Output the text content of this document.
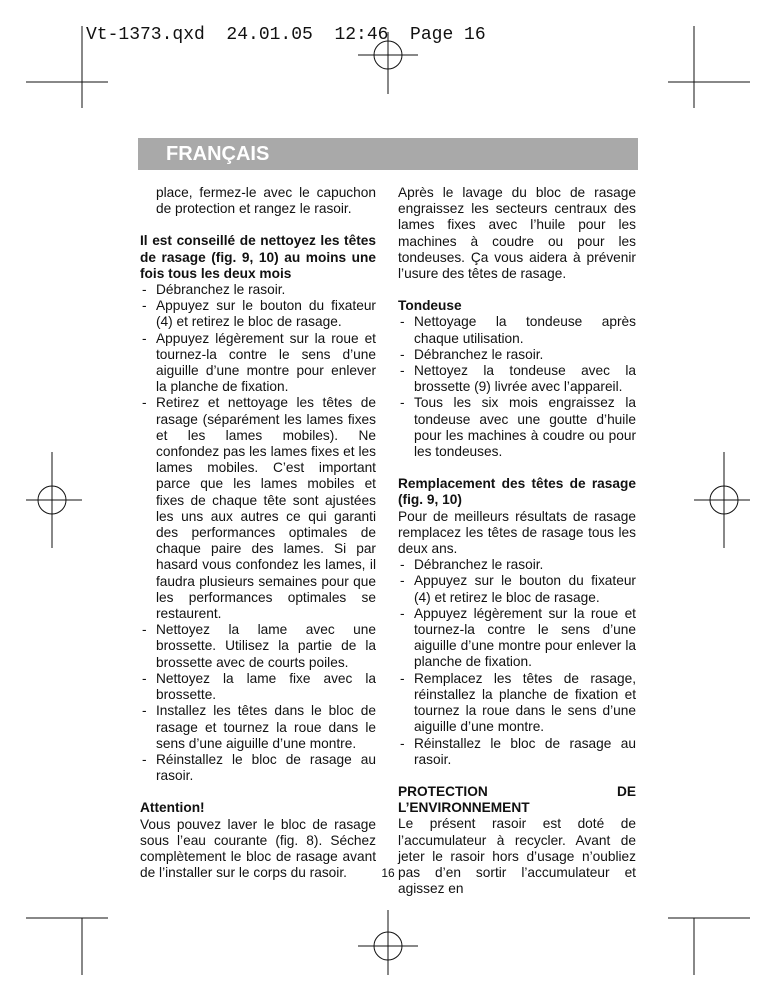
Vt-1373.qxd  24.01.05  12:46  Page 16
FRANÇAIS

place, fermez-le avec le capuchon de protection et rangez le rasoir.

Il est conseillé de nettoyez les têtes de rasage (fig. 9, 10) au moins une fois tous les deux mois

- Débranchez le rasoir.
- Appuyez sur le bouton du fixateur (4) et retirez le bloc de rasage.
- Appuyez légèrement sur la roue et tournez-la contre le sens d’une aiguille d’une montre pour enlever la planche de fixation.
- Retirez et nettoyage les têtes de rasage (séparément les lames fixes et les lames mobiles). Ne confondez pas les lames fixes et les lames mobiles. C’est important parce que les lames mobiles et fixes de chaque tête sont ajustées les uns aux autres ce qui garanti des performances optimales de chaque paire des lames. Si par hasard vous confondez les lames, il faudra plusieurs semaines pour que les performances optimales se restaurent.
- Nettoyez la lame avec une brossette. Utilisez la partie de la brossette avec de courts poiles.
- Nettoyez la lame fixe avec la brossette.
- Installez les têtes dans le bloc de rasage et tournez la roue dans le sens d’une aiguille d’une montre.
- Réinstallez le bloc de rasage au rasoir.

Attention!

Vous pouvez laver le bloc de rasage sous l’eau courante (fig. 8). Séchez complètement le bloc de rasage avant de l’installer sur le corps du rasoir.

Après le lavage du bloc de rasage engraissez les secteurs centraux des lames fixes avec l’huile pour les machines à coudre ou pour les tondeuses. Ça vous aidera à prévenir l’usure des têtes de rasage.

Tondeuse

- Nettoyage la tondeuse après chaque utilisation.
- Débranchez le rasoir.
- Nettoyez la tondeuse avec la brossette (9) livrée avec l’appareil.
- Tous les six mois engraissez la tondeuse avec une goutte d’huile pour les machines à coudre ou pour les tondeuses.

Remplacement des têtes de rasage (fig. 9, 10)

Pour de meilleurs résultats de rasage remplacez les têtes de rasage tous les deux ans.

- Débranchez le rasoir.
- Appuyez sur le bouton du fixateur (4) et retirez le bloc de rasage.
- Appuyez légèrement sur la roue et tournez-la contre le sens d’une aiguille d’une montre pour enlever la planche de fixation.
- Remplacez les têtes de rasage, réinstallez la planche de fixation et tournez la roue dans le sens d’une aiguille d’une montre.
- Réinstallez le bloc de rasage au rasoir.

PROTECTION DE L’ENVIRONNEMENT

Le présent rasoir est doté de l’accumulateur à recycler. Avant de jeter le rasoir hors d’usage n’oubliez pas d’en sortir l’accumulateur et agissez en

16
